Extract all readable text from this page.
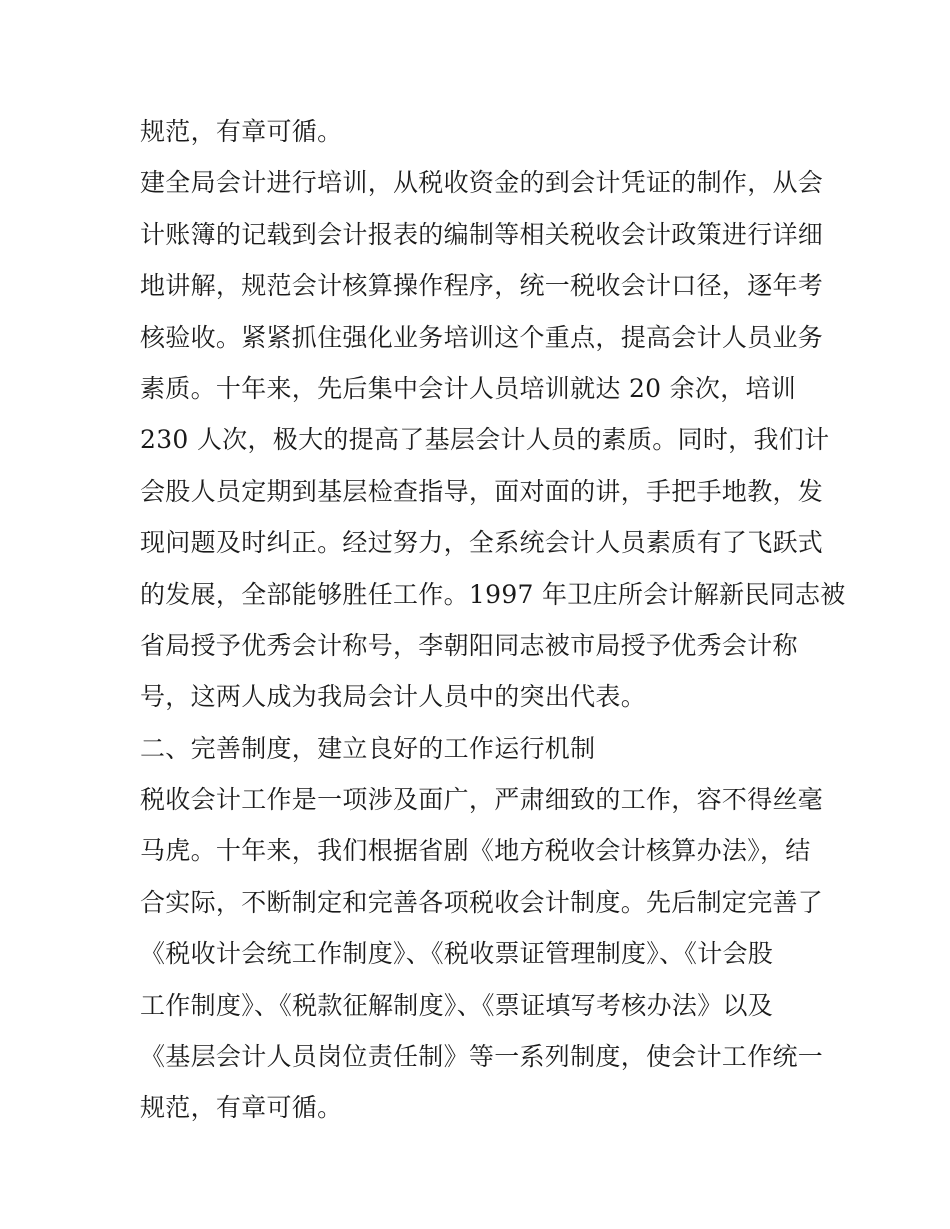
规范，有章可循。
建全局会计进行培训，从税收资金的到会计凭证的制作，从会
计账簿的记载到会计报表的编制等相关税收会计政策进行详细
地讲解，规范会计核算操作程序，统一税收会计口径，逐年考
核验收。紧紧抓住强化业务培训这个重点，提高会计人员业务
素质。十年来，先后集中会计人员培训就达 20 余次，培训
230 人次，极大的提高了基层会计人员的素质。同时，我们计
会股人员定期到基层检查指导，面对面的讲，手把手地教，发
现问题及时纠正。经过努力，全系统会计人员素质有了飞跃式
的发展，全部能够胜任工作。1997 年卫庄所会计解新民同志被
省局授予优秀会计称号，李朝阳同志被市局授予优秀会计称
号，这两人成为我局会计人员中的突出代表。
二、完善制度，建立良好的工作运行机制
税收会计工作是一项涉及面广，严肃细致的工作，容不得丝毫
马虎。十年来，我们根据省剧《地方税收会计核算办法》，结
合实际，不断制定和完善各项税收会计制度。先后制定完善了
《税收计会统工作制度》、《税收票证管理制度》、《计会股
工作制度》、《税款征解制度》、《票证填写考核办法》以及
《基层会计人员岗位责任制》等一系列制度，使会计工作统一
规范，有章可循。
